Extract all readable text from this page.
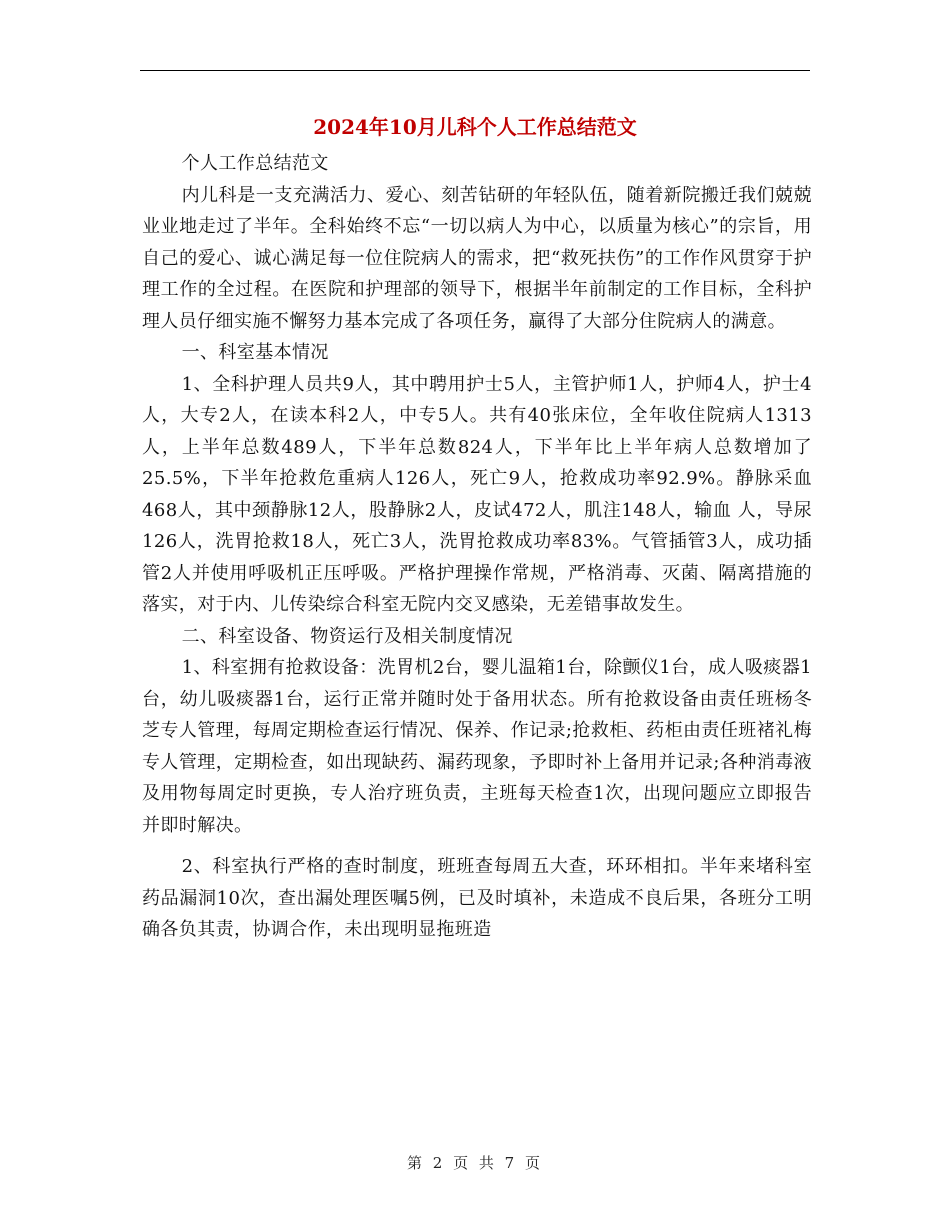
2024年10月儿科个人工作总结范文

个人工作总结范文

内儿科是一支充满活力、爱心、刻苦钻研的年轻队伍，随着新院搬迁我们兢兢业业地走过了半年。全科始终不忘“一切以病人为中心，以质量为核心”的宗旨，用自己的爱心、诚心满足每一位住院病人的需求，把“救死扶伤”的工作作风贯穿于护理工作的全过程。在医院和护理部的领导下，根据半年前制定的工作目标，全科护理人员仔细实施不懈努力基本完成了各项任务，赢得了大部分住院病人的满意。

一、科室基本情况

1、全科护理人员共9人，其中聘用护士5人，主管护师1人，护师4人，护士4人，大专2人，在读本科2人，中专5人。共有40张床位，全年收住院病人1313人，上半年总数489人，下半年总数824人，下半年比上半年病人总数增加了25.5%，下半年抢救危重病人126人，死亡9人，抢救成功率92.9%。静脉采血468人，其中颈静脉12人，股静脉2人，皮试472人，肌注148人，输血 人，导尿126人，洗胃抢救18人，死亡3人，洗胃抢救成功率83%。气管插管3人，成功插管2人并使用呼吸机正压呼吸。严格护理操作常规，严格消毒、灭菌、隔离措施的落实，对于内、儿传染综合科室无院内交叉感染，无差错事故发生。

二、科室设备、物资运行及相关制度情况

1、科室拥有抢救设备：洗胃机2台，婴儿温箱1台，除颤仪1台，成人吸痰器1台，幼儿吸痰器1台，运行正常并随时处于备用状态。所有抢救设备由责任班杨冬芝专人管理，每周定期检查运行情况、保养、作记录;抢救柜、药柜由责任班褚礼梅专人管理，定期检查，如出现缺药、漏药现象，予即时补上备用并记录;各种消毒液及用物每周定时更换，专人治疗班负责，主班每天检查1次，出现问题应立即报告并即时解决。

2、科室执行严格的查时制度，班班查每周五大查，环环相扣。半年来堵科室药品漏洞10次，查出漏处理医嘱5例，已及时填补，未造成不良后果，各班分工明确各负其责，协调合作，未出现明显拖班造

第 2 页 共 7 页
